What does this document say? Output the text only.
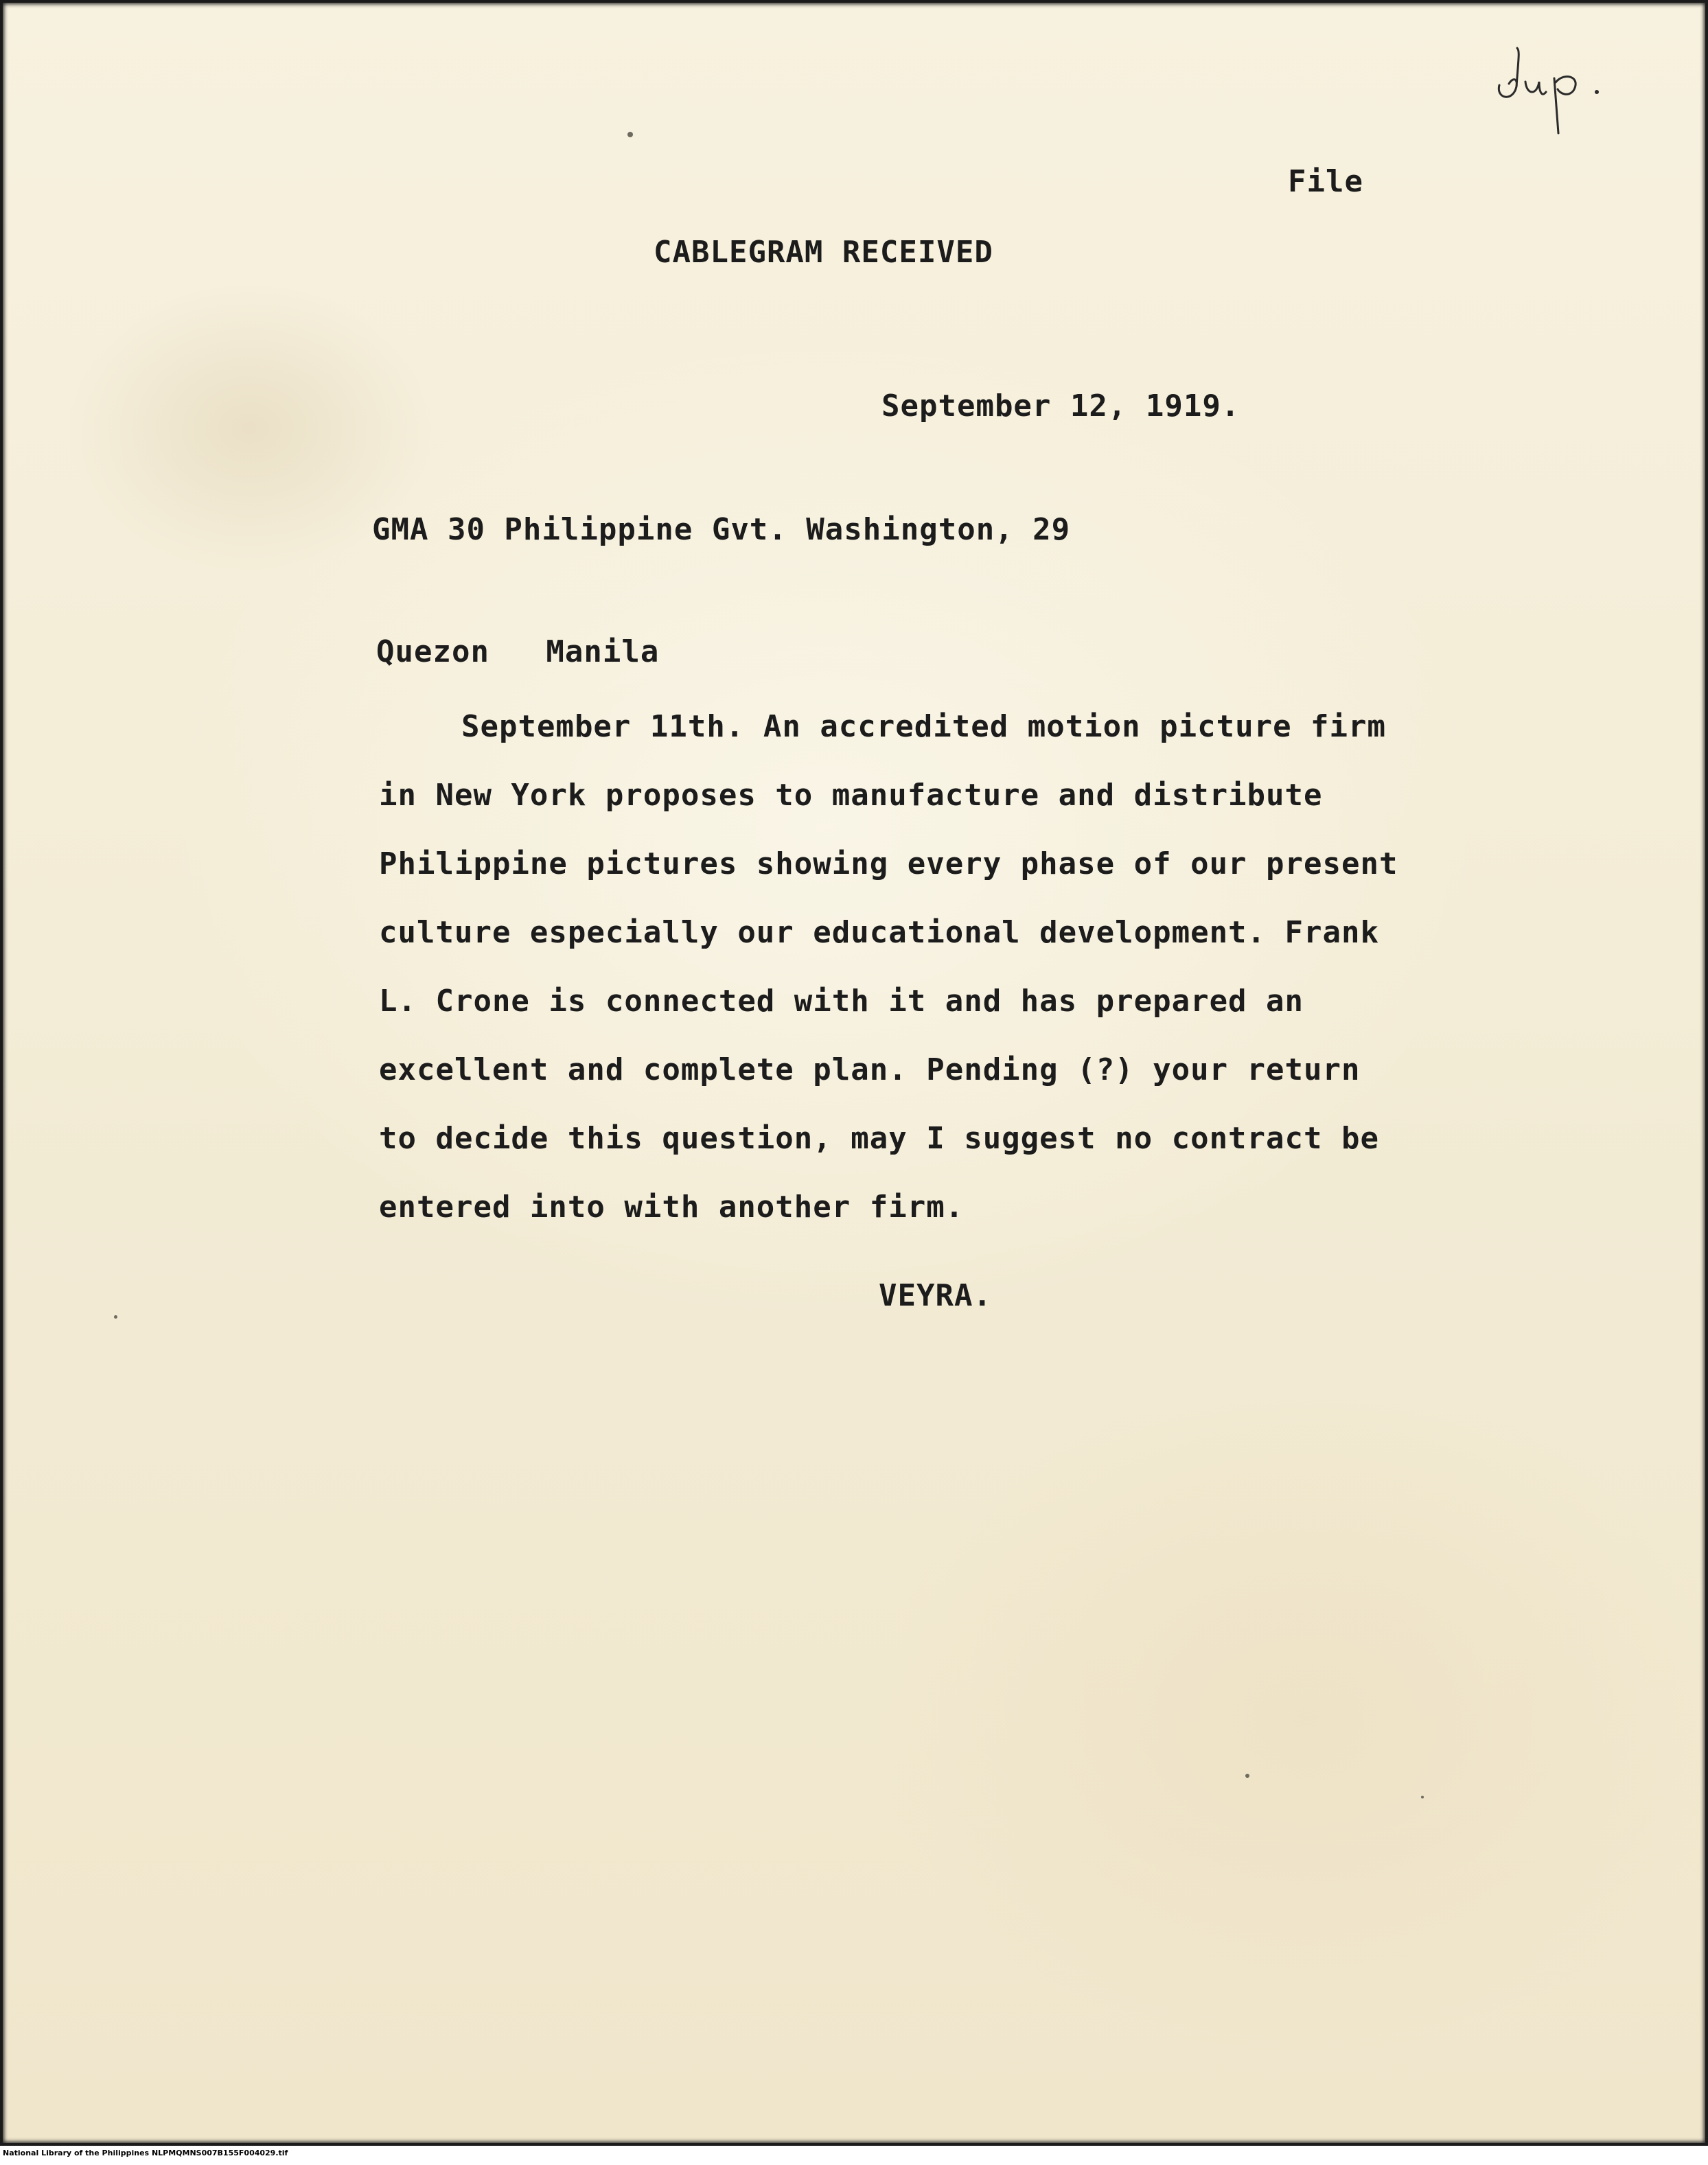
File

CABLEGRAM RECEIVED

September 12, 1919.

GMA 30 Philippine Gvt. Washington, 29

Quezon   Manila

September 11th. An accredited motion picture firm
in New York proposes to manufacture and distribute
Philippine pictures showing every phase of our present
culture especially our educational development. Frank
L. Crone is connected with it and has prepared an
excellent and complete plan. Pending (?) your return
to decide this question, may I suggest no contract be
entered into with another firm.

VEYRA.

National Library of the Philippines NLPMQMNS007B155F004029.tif
